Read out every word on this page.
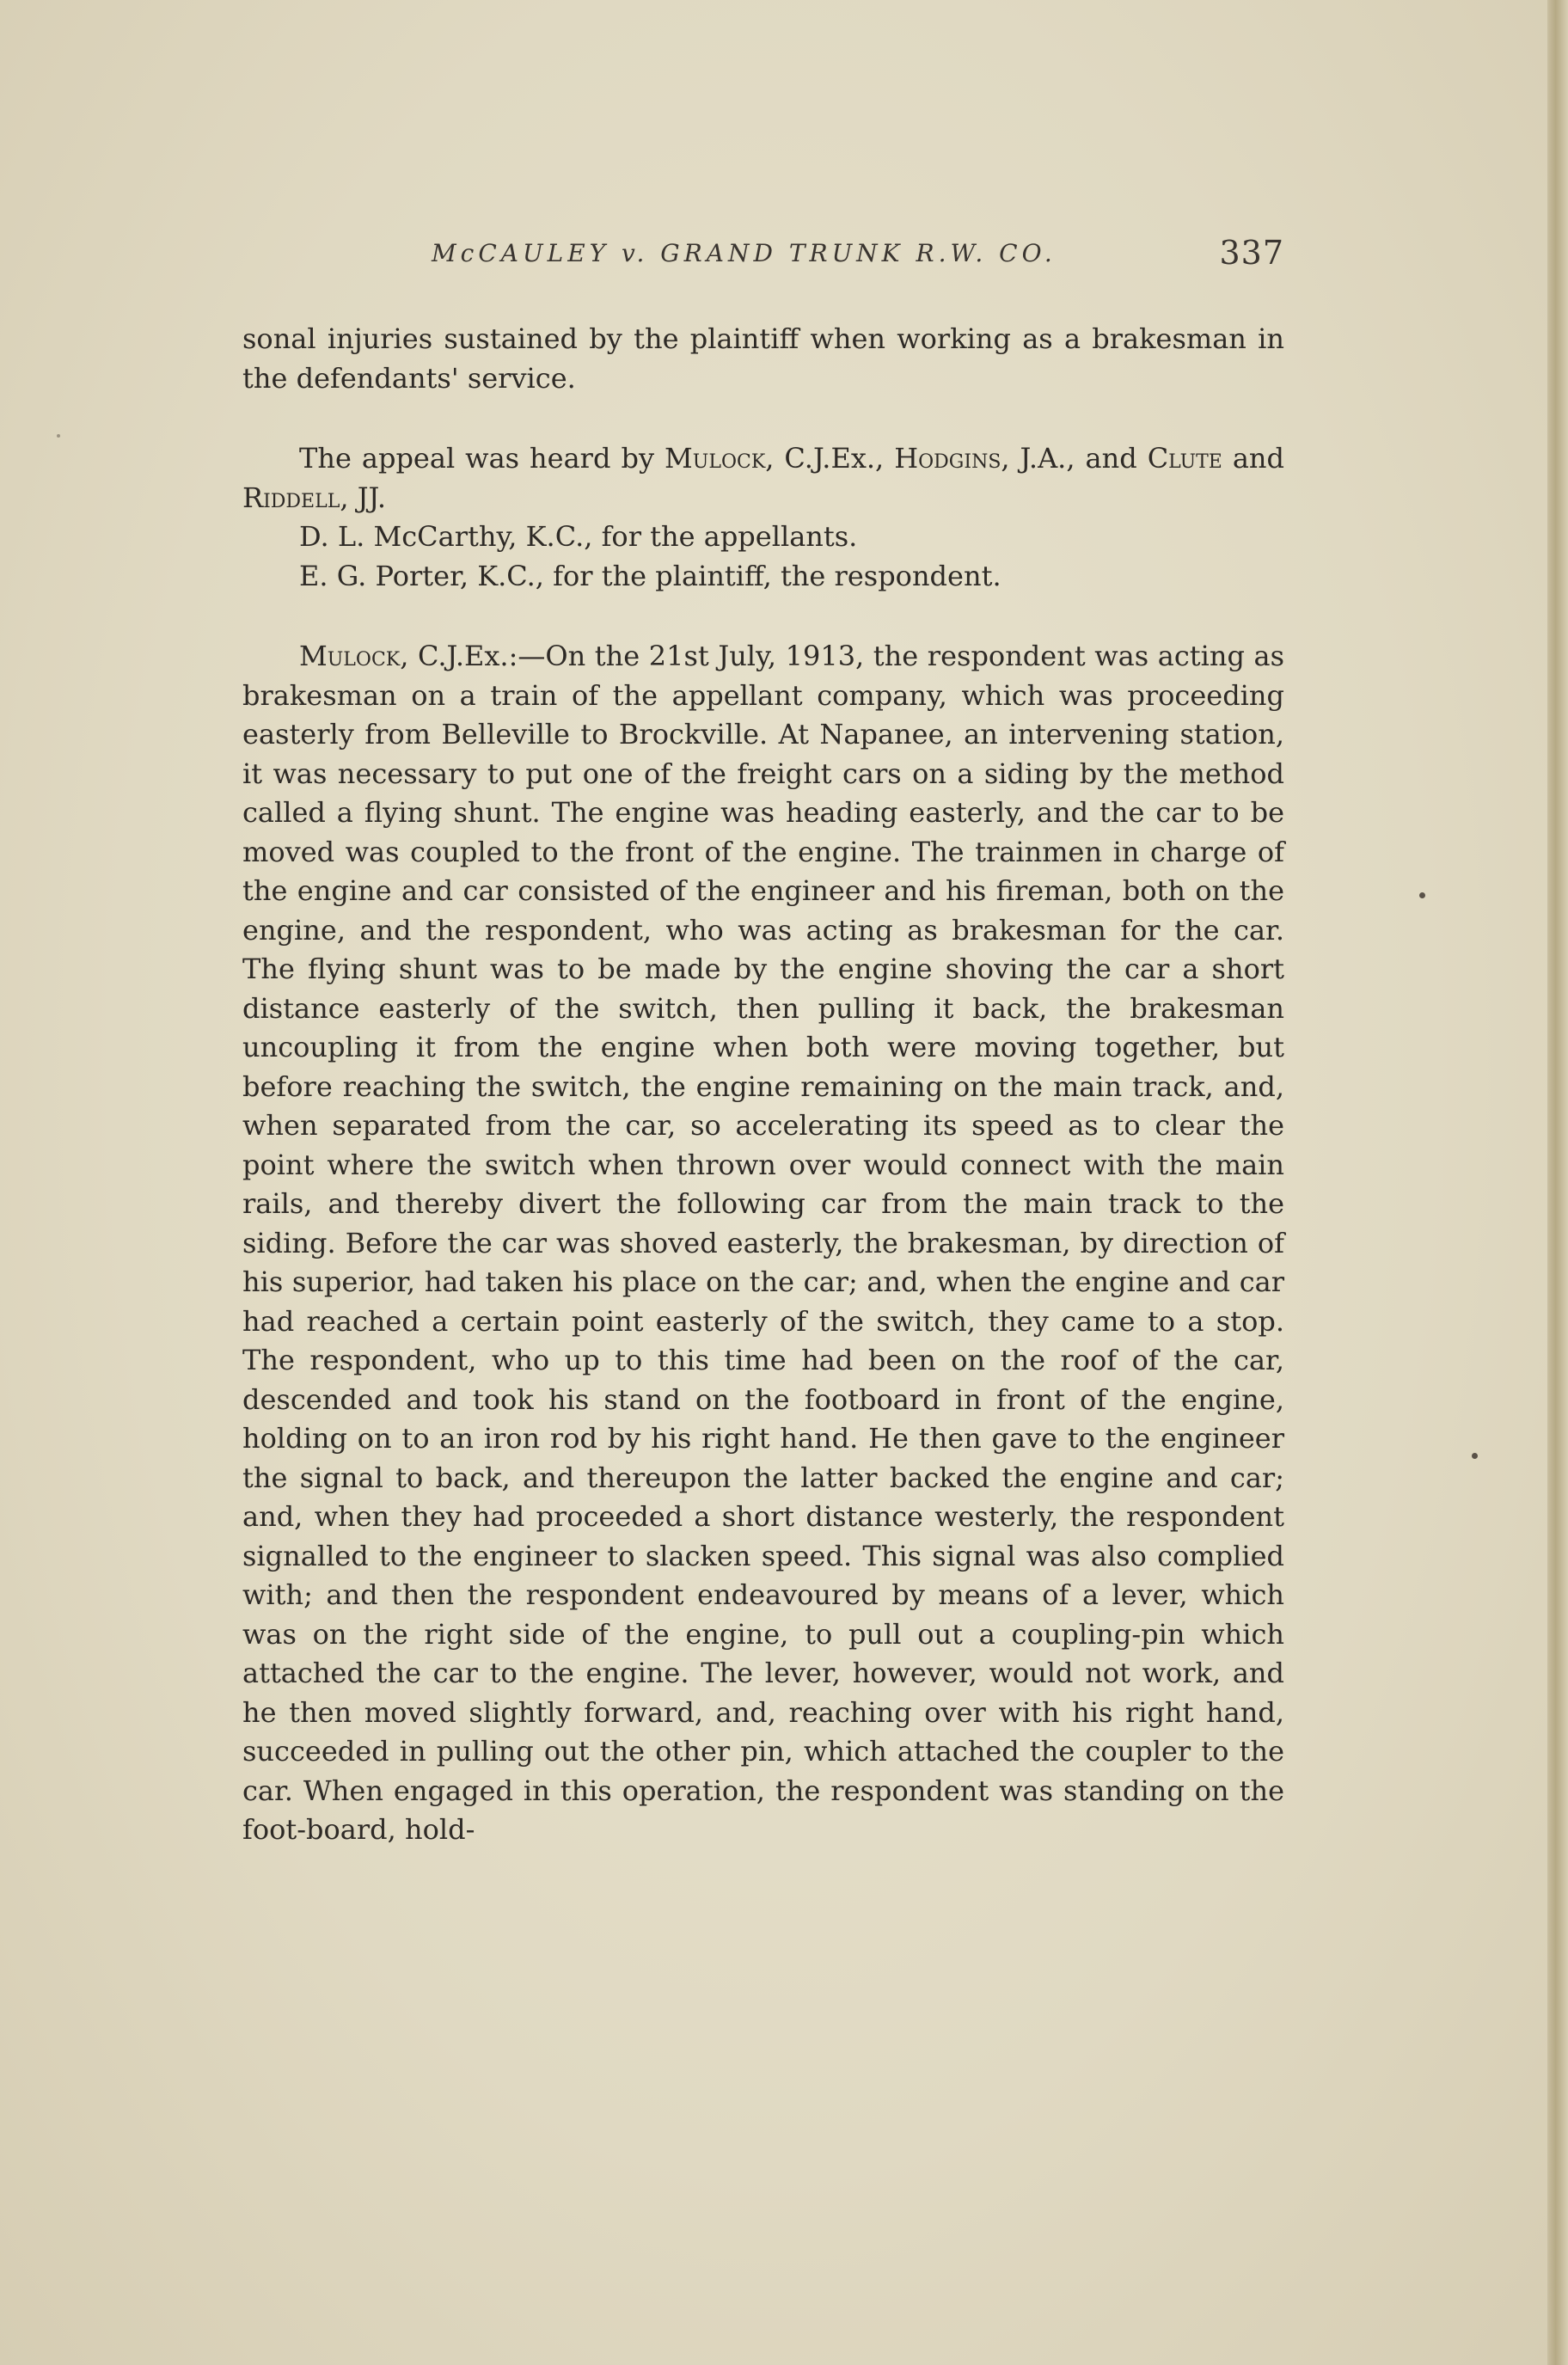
McCAULEY v. GRAND TRUNK R.W. CO.	337

sonal injuries sustained by the plaintiff when working as a brakesman in the defendants' service.

The appeal was heard by Mulock, C.J.Ex., Hodgins, J.A., and Clute and Riddell, JJ.

D. L. McCarthy, K.C., for the appellants.

E. G. Porter, K.C., for the plaintiff, the respondent.

Mulock, C.J.Ex.:—On the 21st July, 1913, the respondent was acting as brakesman on a train of the appellant company, which was proceeding easterly from Belleville to Brockville. At Napanee, an intervening station, it was necessary to put one of the freight cars on a siding by the method called a flying shunt. The engine was heading easterly, and the car to be moved was coupled to the front of the engine. The trainmen in charge of the engine and car consisted of the engineer and his fireman, both on the engine, and the respondent, who was acting as brakesman for the car. The flying shunt was to be made by the engine shoving the car a short distance easterly of the switch, then pulling it back, the brakesman uncoupling it from the engine when both were moving together, but before reaching the switch, the engine remaining on the main track, and, when separated from the car, so accelerating its speed as to clear the point where the switch when thrown over would connect with the main rails, and thereby divert the following car from the main track to the siding. Before the car was shoved easterly, the brakesman, by direction of his superior, had taken his place on the car; and, when the engine and car had reached a certain point easterly of the switch, they came to a stop. The respondent, who up to this time had been on the roof of the car, descended and took his stand on the footboard in front of the engine, holding on to an iron rod by his right hand. He then gave to the engineer the signal to back, and thereupon the latter backed the engine and car; and, when they had proceeded a short distance westerly, the respondent signalled to the engineer to slacken speed. This signal was also complied with; and then the respondent endeavoured by means of a lever, which was on the right side of the engine, to pull out a coupling-pin which attached the car to the engine. The lever, however, would not work, and he then moved slightly forward, and, reaching over with his right hand, succeeded in pulling out the other pin, which attached the coupler to the car. When engaged in this operation, the respondent was standing on the foot-board, hold-
